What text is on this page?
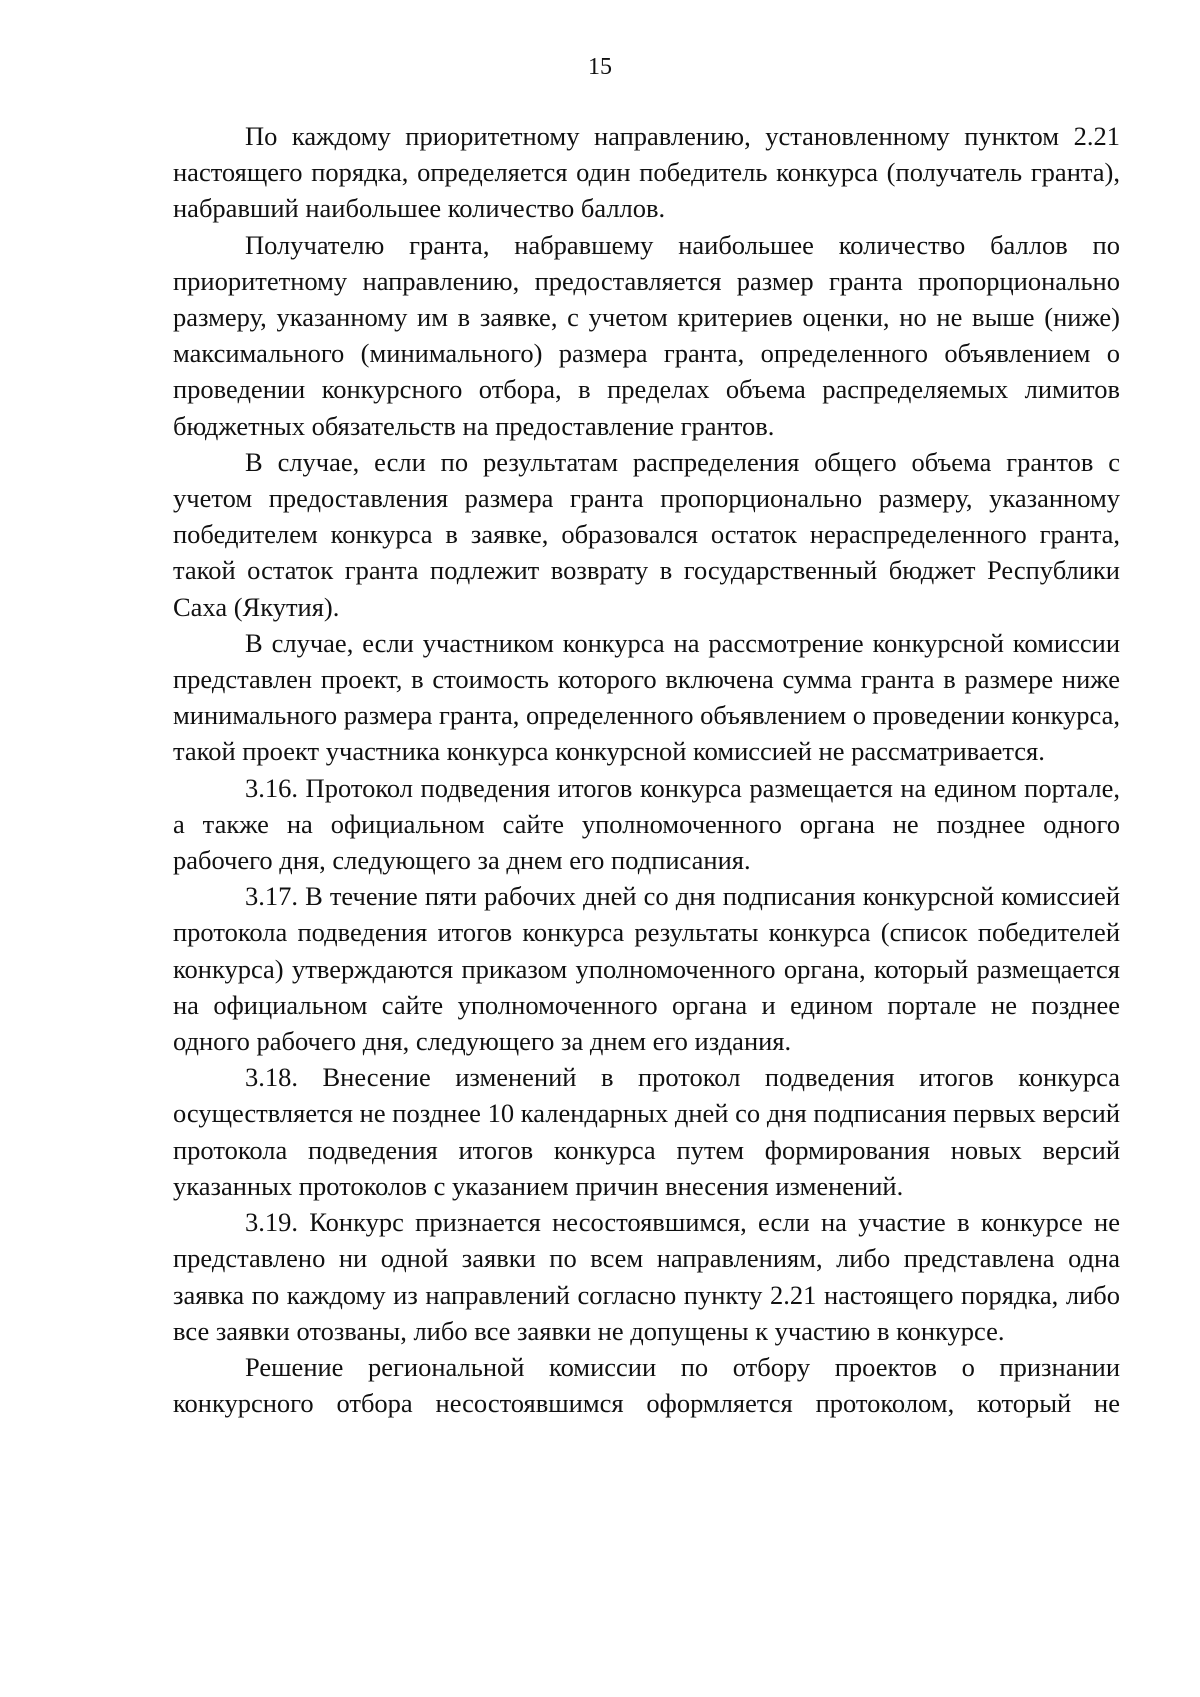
15

По каждому приоритетному направлению, установленному пунктом 2.21 настоящего порядка, определяется один победитель конкурса (получатель гранта), набравший наибольшее количество баллов.

Получателю гранта, набравшему наибольшее количество баллов по приоритетному направлению, предоставляется размер гранта пропорционально размеру, указанному им в заявке, с учетом критериев оценки, но не выше (ниже) максимального (минимального) размера гранта, определенного объявлением о проведении конкурсного отбора, в пределах объема распределяемых лимитов бюджетных обязательств на предоставление грантов.

В случае, если по результатам распределения общего объема грантов с учетом предоставления размера гранта пропорционально размеру, указанному победителем конкурса в заявке, образовался остаток нераспределенного гранта, такой остаток гранта подлежит возврату в государственный бюджет Республики Саха (Якутия).

В случае, если участником конкурса на рассмотрение конкурсной комиссии представлен проект, в стоимость которого включена сумма гранта в размере ниже минимального размера гранта, определенного объявлением о проведении конкурса, такой проект участника конкурса конкурсной комиссией не рассматривается.

3.16. Протокол подведения итогов конкурса размещается на едином портале, а также на официальном сайте уполномоченного органа не позднее одного рабочего дня, следующего за днем его подписания.

3.17. В течение пяти рабочих дней со дня подписания конкурсной комиссией протокола подведения итогов конкурса результаты конкурса (список победителей конкурса) утверждаются приказом уполномоченного органа, который размещается на официальном сайте уполномоченного органа и едином портале не позднее одного рабочего дня, следующего за днем его издания.

3.18. Внесение изменений в протокол подведения итогов конкурса осуществляется не позднее 10 календарных дней со дня подписания первых версий протокола подведения итогов конкурса путем формирования новых версий указанных протоколов с указанием причин внесения изменений.

3.19. Конкурс признается несостоявшимся, если на участие в конкурсе не представлено ни одной заявки по всем направлениям, либо представлена одна заявка по каждому из направлений согласно пункту 2.21 настоящего порядка, либо все заявки отозваны, либо все заявки не допущены к участию в конкурсе.

Решение региональной комиссии по отбору проектов о признании конкурсного отбора несостоявшимся оформляется протоколом, который не
